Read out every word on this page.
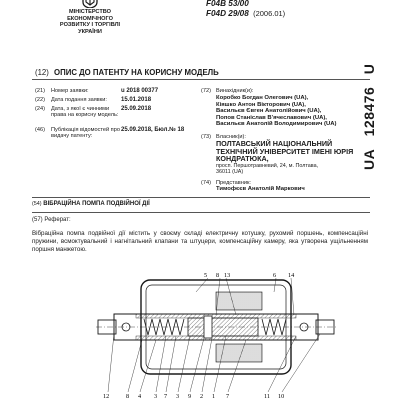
МІНІСТЕРСТВО
ЕКОНОМІЧНОГО
РОЗВИТКУ І ТОРГІВЛІ
УКРАЇНИ
F04B 53/00
F04D 29/08 (2006.01)
(12) ОПИС ДО ПАТЕНТУ НА КОРИСНУ МОДЕЛЬ
(21)	Номер заявки:	u 2018 00377
(22)	Дата подання заявки:	15.01.2018
(24)	Дата, з якої є чинними права на корисну модель:
25.09.2018
(46)	Публікація відомостей про видачу патенту:
25.09.2018, Бюл.№ 18
(72) Винахідник(и):
Коробко Богдан Олегович (UA),
Кіяшко Антон Вікторович (UA),
Васильєв Євген Анатолійович (UA),
Попов Станіслав В'ячеславович (UA),
Васильєв Анатолій Володимирович (UA)
(73) Власник(и):
ПОЛТАВСЬКИЙ НАЦІОНАЛЬНИЙ
ТЕХНІЧНИЙ УНІВЕРСИТЕТ ІМЕНІ ЮРІЯ
КОНДРАТЮКА,
просп. Першотравневий, 24, м. Полтава,
36011 (UA)
(74) Представник:
Тимофєєв Анатолій Маркович
(54) ВІБРАЦІЙНА ПОМПА ПОДВІЙНОЇ ДІЇ
(57) Реферат:
Вібраційна помпа подвійної дії містить у своєму складі електричну котушку, рухомий поршень, компенсаційні пружини, всмоктувальний і нагнітальний клапани та штуцери, компенсаційну камеру, яка утворена ущільненням поршня манжетою.
UA 128476 U
5 8 13	6 14
12	8 4 3 7 3 9 2 1 7	11 10
